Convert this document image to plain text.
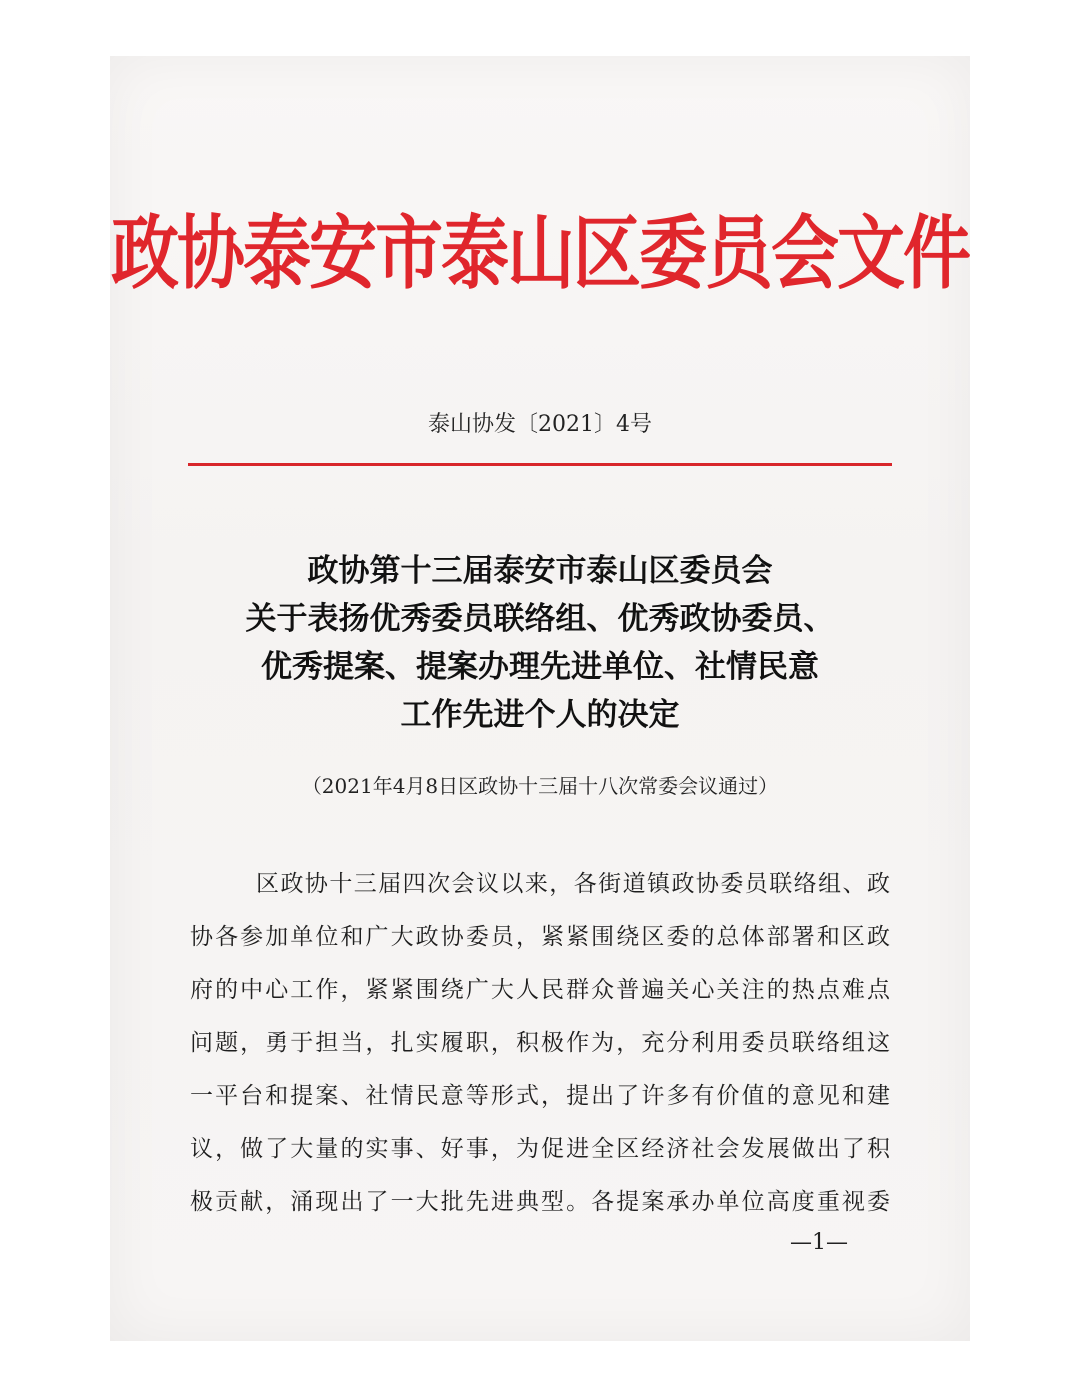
政协泰安市泰山区委员会文件
泰山协发〔2021〕4号
政协第十三届泰安市泰山区委员会
关于表扬优秀委员联络组、优秀政协委员、
优秀提案、提案办理先进单位、社情民意
工作先进个人的决定
（2021年4月8日区政协十三届十八次常委会议通过）
区政协十三届四次会议以来，各街道镇政协委员联络组、政
协各参加单位和广大政协委员，紧紧围绕区委的总体部署和区政
府的中心工作，紧紧围绕广大人民群众普遍关心关注的热点难点
问题，勇于担当，扎实履职，积极作为，充分利用委员联络组这
一平台和提案、社情民意等形式，提出了许多有价值的意见和建
议，做了大量的实事、好事，为促进全区经济社会发展做出了积
极贡献，涌现出了一大批先进典型。各提案承办单位高度重视委
—1—
